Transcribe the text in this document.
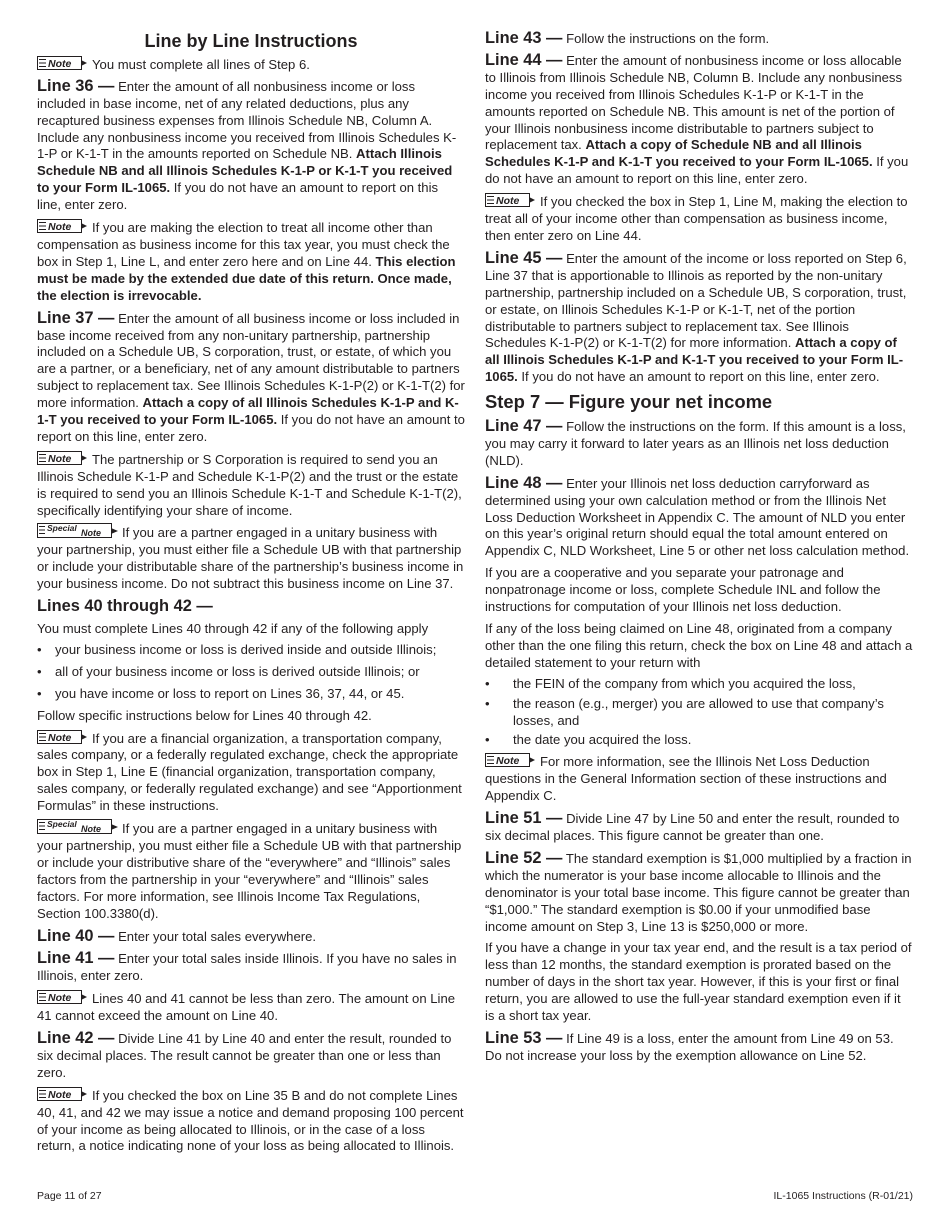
Line by Line Instructions

Note You must complete all lines of Step 6.

Line 36 — Enter the amount of all nonbusiness income or loss included in base income, net of any related deductions, plus any recaptured business expenses from Illinois Schedule NB, Column A. Include any nonbusiness income you received from Illinois Schedules K-1-P or K-1-T in the amounts reported on Schedule NB. Attach Illinois Schedule NB and all Illinois Schedules K-1-P or K-1-T you received to your Form IL-1065. If you do not have an amount to report on this line, enter zero.

Note If you are making the election to treat all income other than compensation as business income for this tax year, you must check the box in Step 1, Line L, and enter zero here and on Line 44. This election must be made by the extended due date of this return. Once made, the election is irrevocable.

Line 37 — Enter the amount of all business income or loss included in base income received from any non-unitary partnership, partnership included on a Schedule UB, S corporation, trust, or estate, of which you are a partner, or a beneficiary, net of any amount distributable to partners subject to replacement tax. See Illinois Schedules K-1-P(2) or K-1-T(2) for more information. Attach a copy of all Illinois Schedules K-1-P and K-1-T you received to your Form IL-1065. If you do not have an amount to report on this line, enter zero.

Note The partnership or S Corporation is required to send you an Illinois Schedule K-1-P and Schedule K-1-P(2) and the trust or the estate is required to send you an Illinois Schedule K-1-T and Schedule K-1-T(2), specifically identifying your share of income.

Special Note If you are a partner engaged in a unitary business with your partnership, you must either file a Schedule UB with that partnership or include your distributable share of the partnership’s business income in your business income. Do not subtract this business income on Line 37.

Lines 40 through 42 —

You must complete Lines 40 through 42 if any of the following apply

• your business income or loss is derived inside and outside Illinois;
• all of your business income or loss is derived outside Illinois; or
• you have income or loss to report on Lines 36, 37, 44, or 45.

Follow specific instructions below for Lines 40 through 42.

Note If you are a financial organization, a transportation company, sales company, or a federally regulated exchange, check the appropriate box in Step 1, Line E (financial organization, transportation company, sales company, or federally regulated exchange) and see “Apportionment Formulas” in these instructions.

Special Note If you are a partner engaged in a unitary business with your partnership, you must either file a Schedule UB with that partnership or include your distributive share of the “everywhere” and “Illinois” sales factors from the partnership in your “everywhere” and “Illinois” sales factors. For more information, see Illinois Income Tax Regulations, Section 100.3380(d).

Line 40 — Enter your total sales everywhere.

Line 41 — Enter your total sales inside Illinois. If you have no sales in Illinois, enter zero.

Note Lines 40 and 41 cannot be less than zero. The amount on Line 41 cannot exceed the amount on Line 40.

Line 42 — Divide Line 41 by Line 40 and enter the result, rounded to six decimal places. The result cannot be greater than one or less than zero.

Note If you checked the box on Line 35 B and do not complete Lines 40, 41, and 42 we may issue a notice and demand proposing 100 percent of your income as being allocated to Illinois, or in the case of a loss return, a notice indicating none of your loss as being allocated to Illinois.

Line 43 — Follow the instructions on the form.

Line 44 — Enter the amount of nonbusiness income or loss allocable to Illinois from Illinois Schedule NB, Column B. Include any nonbusiness income you received from Illinois Schedules K-1-P or K-1-T in the amounts reported on Schedule NB. This amount is net of the portion of your Illinois nonbusiness income distributable to partners subject to replacement tax. Attach a copy of Schedule NB and all Illinois Schedules K-1-P and K-1-T you received to your Form IL-1065. If you do not have an amount to report on this line, enter zero.

Note If you checked the box in Step 1, Line M, making the election to treat all of your income other than compensation as business income, then enter zero on Line 44.

Line 45 — Enter the amount of the income or loss reported on Step 6, Line 37 that is apportionable to Illinois as reported by the non-unitary partnership, partnership included on a Schedule UB, S corporation, trust, or estate, on Illinois Schedules K-1-P or K-1-T, net of the portion distributable to partners subject to replacement tax. See Illinois Schedules K-1-P(2) or K-1-T(2) for more information. Attach a copy of all Illinois Schedules K-1-P and K-1-T you received to your Form IL-1065. If you do not have an amount to report on this line, enter zero.

Step 7 — Figure your net income

Line 47 — Follow the instructions on the form. If this amount is a loss, you may carry it forward to later years as an Illinois net loss deduction (NLD).

Line 48 — Enter your Illinois net loss deduction carryforward as determined using your own calculation method or from the Illinois Net Loss Deduction Worksheet in Appendix C. The amount of NLD you enter on this year’s original return should equal the total amount entered on Appendix C, NLD Worksheet, Line 5 or other net loss calculation method.

If you are a cooperative and you separate your patronage and nonpatronage income or loss, complete Schedule INL and follow the instructions for computation of your Illinois net loss deduction.

If any of the loss being claimed on Line 48, originated from a company other than the one filing this return, check the box on Line 48 and attach a detailed statement to your return with

• the FEIN of the company from which you acquired the loss,
• the reason (e.g., merger) you are allowed to use that company’s losses, and
• the date you acquired the loss.

Note For more information, see the Illinois Net Loss Deduction questions in the General Information section of these instructions and Appendix C.

Line 51 — Divide Line 47 by Line 50 and enter the result, rounded to six decimal places. This figure cannot be greater than one.

Line 52 — The standard exemption is $1,000 multiplied by a fraction in which the numerator is your base income allocable to Illinois and the denominator is your total base income. This figure cannot be greater than “$1,000.” The standard exemption is $0.00 if your unmodified base income amount on Step 3, Line 13 is $250,000 or more.

If you have a change in your tax year end, and the result is a tax period of less than 12 months, the standard exemption is prorated based on the number of days in the short tax year. However, if this is your first or final return, you are allowed to use the full-year standard exemption even if it is a short tax year.

Line 53 — If Line 49 is a loss, enter the amount from Line 49 on 53. Do not increase your loss by the exemption allowance on Line 52.

Page 11 of 27	IL-1065 Instructions (R-01/21)
